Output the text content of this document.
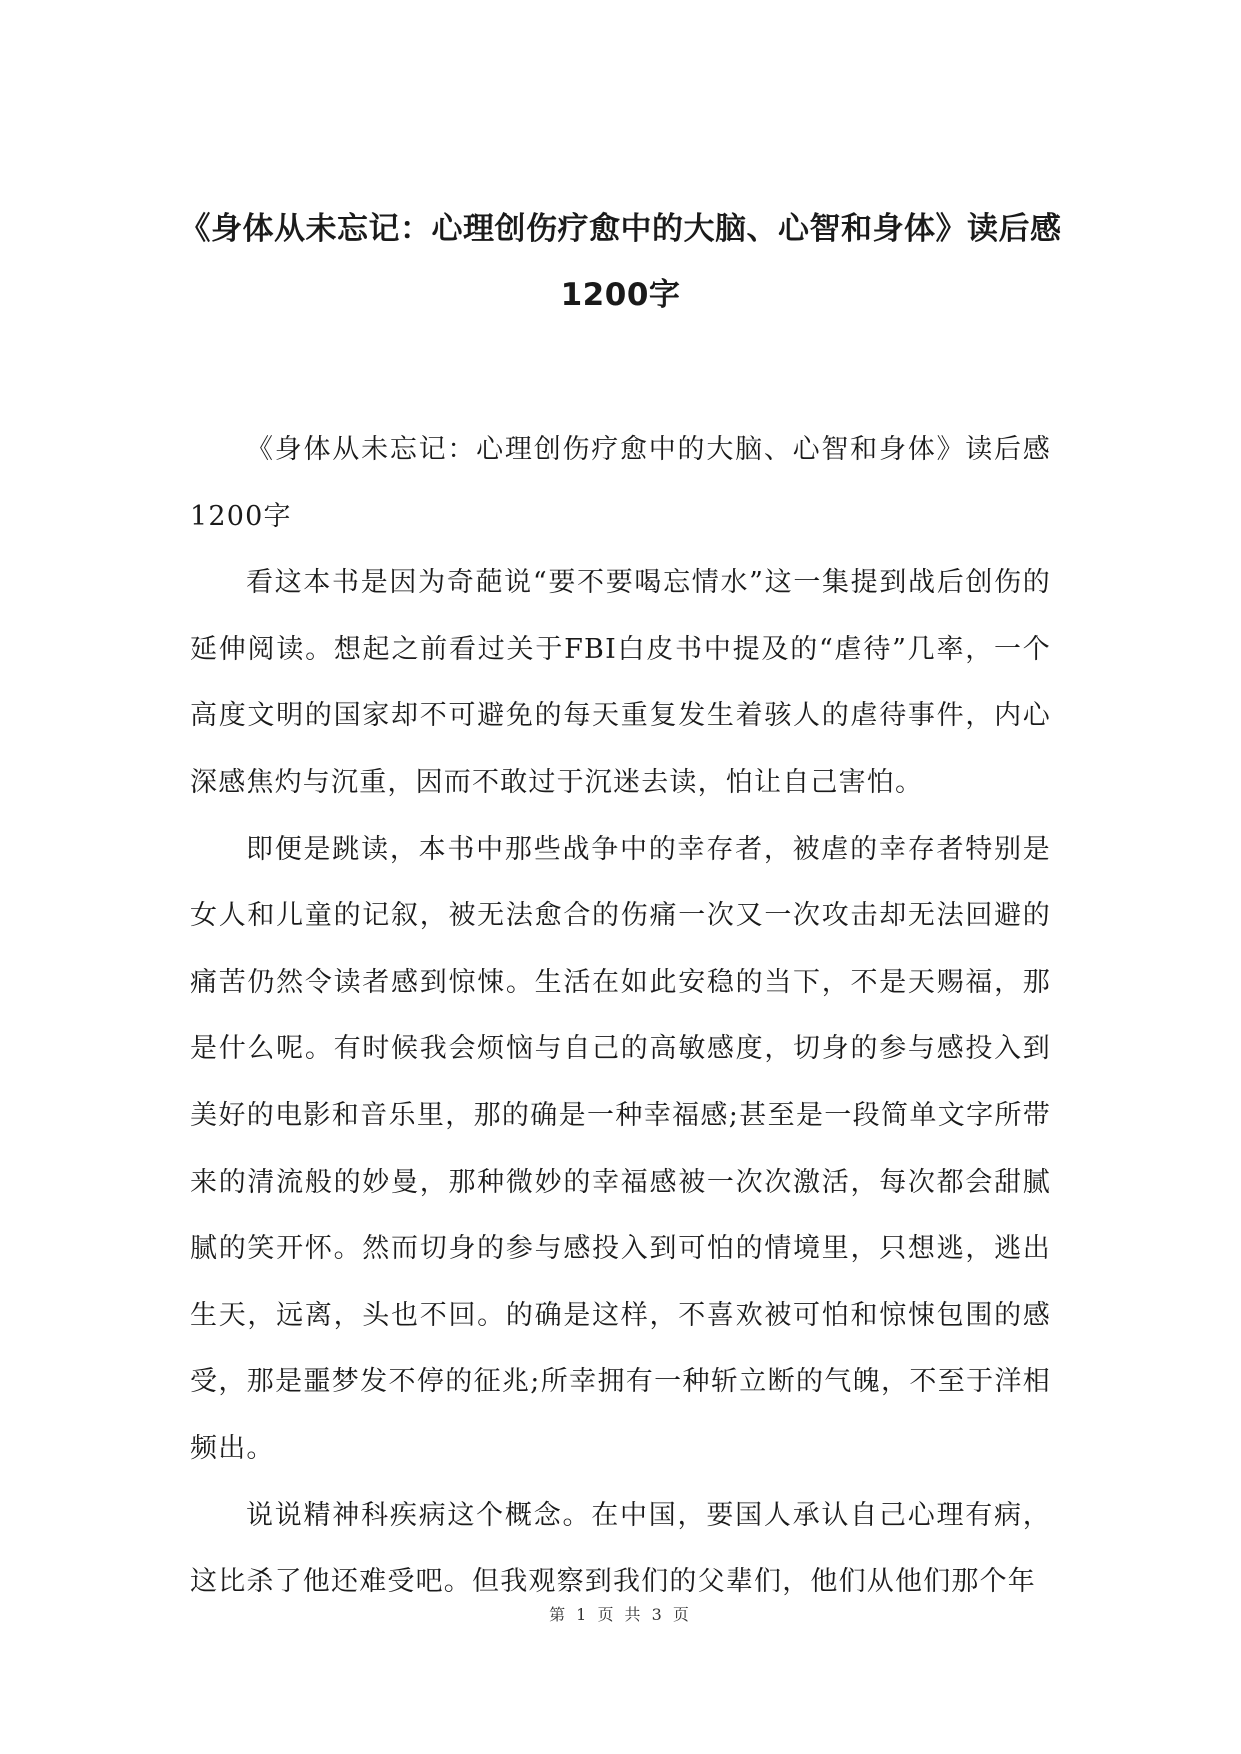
《身体从未忘记：心理创伤疗愈中的大脑、心智和身体》读后感1200字

《身体从未忘记：心理创伤疗愈中的大脑、心智和身体》读后感1200字

看这本书是因为奇葩说“要不要喝忘情水”这一集提到战后创伤的延伸阅读。想起之前看过关于FBI白皮书中提及的“虐待”几率，一个高度文明的国家却不可避免的每天重复发生着骇人的虐待事件，内心深感焦灼与沉重，因而不敢过于沉迷去读，怕让自己害怕。

即便是跳读，本书中那些战争中的幸存者，被虐的幸存者特别是女人和儿童的记叙，被无法愈合的伤痛一次又一次攻击却无法回避的痛苦仍然令读者感到惊悚。生活在如此安稳的当下，不是天赐福，那是什么呢。有时候我会烦恼与自己的高敏感度，切身的参与感投入到美好的电影和音乐里，那的确是一种幸福感;甚至是一段简单文字所带来的清流般的妙曼，那种微妙的幸福感被一次次激活，每次都会甜腻腻的笑开怀。然而切身的参与感投入到可怕的情境里，只想逃，逃出生天，远离，头也不回。的确是这样，不喜欢被可怕和惊悚包围的感受，那是噩梦发不停的征兆;所幸拥有一种斩立断的气魄，不至于洋相频出。

说说精神科疾病这个概念。在中国，要国人承认自己心理有病，这比杀了他还难受吧。但我观察到我们的父辈们，他们从他们那个年

第 1 页 共 3 页
